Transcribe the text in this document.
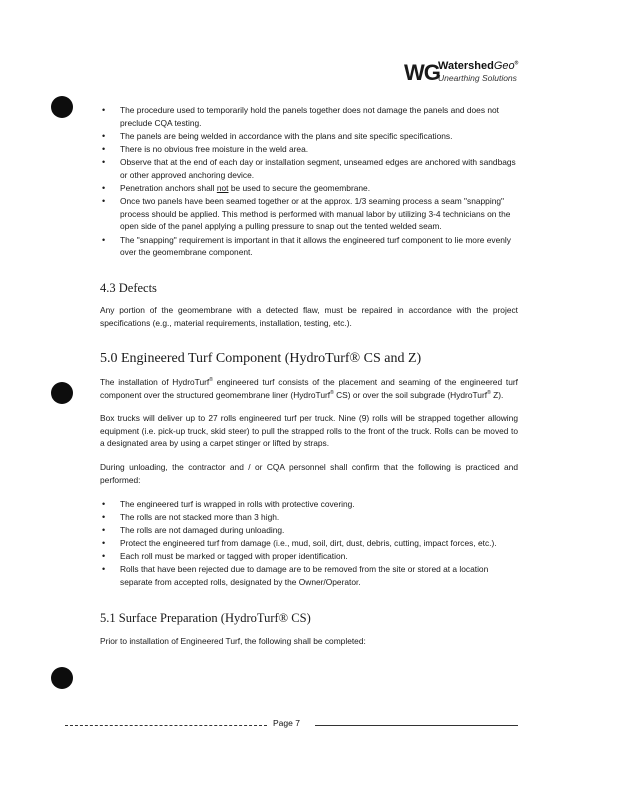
WG
WatershedGeo®
Unearthing Solutions
• The procedure used to temporarily hold the panels together does not damage the panels and does not preclude CQA testing.
• The panels are being welded in accordance with the plans and site specific specifications.
• There is no obvious free moisture in the weld area.
• Observe that at the end of each day or installation segment, unseamed edges are anchored with sandbags or other approved anchoring device.
• Penetration anchors shall not be used to secure the geomembrane.
• Once two panels have been seamed together or at the approx. 1/3 seaming process a seam "snapping" process should be applied. This method is performed with manual labor by utilizing 3-4 technicians on the open side of the panel applying a pulling pressure to snap out the tented welded seam.
• The "snapping" requirement is important in that it allows the engineered turf component to lie more evenly over the geomembrane component.
4.3 Defects

Any portion of the geomembrane with a detected flaw, must be repaired in accordance with the project specifications (e.g., material requirements, installation, testing, etc.).

5.0 Engineered Turf Component (HydroTurf® CS and Z)

The installation of HydroTurf® engineered turf consists of the placement and seaming of the engineered turf component over the structured geomembrane liner (HydroTurf® CS) or over the soil subgrade (HydroTurf® Z).

Box trucks will deliver up to 27 rolls engineered turf per truck. Nine (9) rolls will be strapped together allowing equipment (i.e. pick-up truck, skid steer) to pull the strapped rolls to the front of the truck. Rolls can be moved to a designated area by using a carpet stinger or lifted by straps.

During unloading, the contractor and / or CQA personnel shall confirm that the following is practiced and performed:

• The engineered turf is wrapped in rolls with protective covering.
• The rolls are not stacked more than 3 high.
• The rolls are not damaged during unloading.
• Protect the engineered turf from damage (i.e., mud, soil, dirt, dust, debris, cutting, impact forces, etc.).
• Each roll must be marked or tagged with proper identification.
• Rolls that have been rejected due to damage are to be removed from the site or stored at a location separate from accepted rolls, designated by the Owner/Operator.
5.1 Surface Preparation (HydroTurf® CS)

Prior to installation of Engineered Turf, the following shall be completed:

Page 7
